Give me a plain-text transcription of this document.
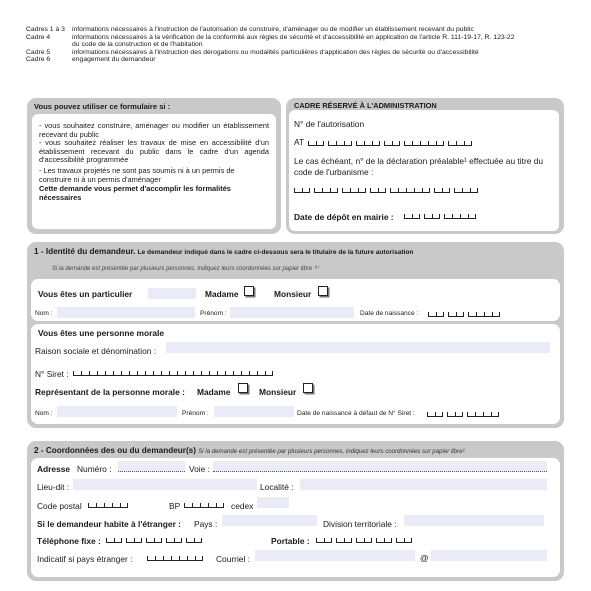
Cadres 1 à 3	informations nécessaires à l'instruction de l'autorisation de construire, d'aménager ou de modifier un établissement recevant du public
Cadre 4	informations nécessaires à la vérification de la conformité aux règles de sécurité et d'accessibilité en application de l'article R. 111-19-17, R. 123-22
du code de la construction et de l'habitation
Cadre 5	informations nécessaires à l'instruction des dérogations ou modalités particulières d'application des règles de sécurité ou d'accessibilité
Cadre 6	engagement du demandeur
Vous pouvez utiliser ce formulaire si :

- vous souhaitez construire, aménager ou modifier un établissement recevant du public

- vous souhaitez réaliser les travaux de mise en accessibilité d'un établissement recevant du public dans le cadre d'un agenda d'accessibilité programmée

- Les travaux projetés ne sont pas soumis ni à un permis de construire ni à un permis d'aménager

Cette demande vous permet d'accomplir les formalités nécessaires

CADRE RÉSERVÉ À L'ADMINISTRATION
N° de l'autorisation
AT
Le cas échéant, n° de la déclaration préalable¹ effectuée au titre du code de l'urbanisme :
Date de dépôt en mairie :
1 - Identité du demandeur. Le demandeur indiqué dans le cadre ci-dessous sera le titulaire de la future autorisation
Si la demande est présentée par plusieurs personnes, indiquez leurs coordonnées sur papier libre ⁽¹⁾
Vous êtes un particulier	Madame	Monsieur
Nom :	Prénom :	Date de naissance :
Vous êtes une personne morale
Raison sociale et dénomination :
N° Siret :
Représentant de la personne morale : Madame	Monsieur
Nom :	Prénom :	Date de naissance à défaut de N° Siret :
2 - Coordonnées des ou du demandeur(s) Si la demande est présentée par plusieurs personnes, indiquez leurs coordonnées sur papier libre²
Adresse Numéro :	Voie :
Lieu-dit :	Localité :
Code postal	BP	cedex
Si le demandeur habite à l'étranger : Pays :	Division territoriale :
Téléphone fixe :	Portable :
Indicatif si pays étranger :	Courriel :	@
